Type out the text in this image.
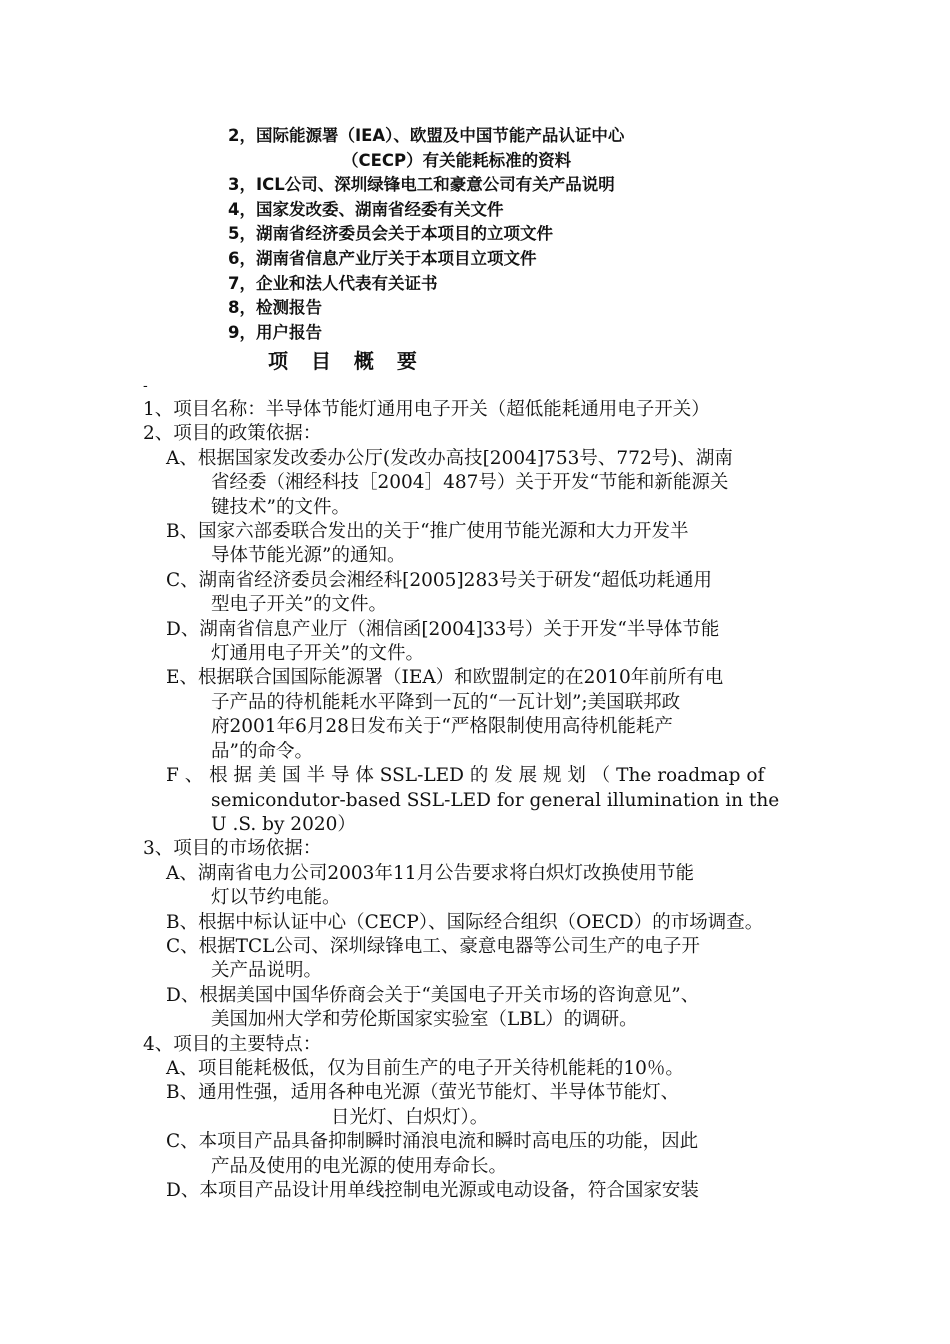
2，国际能源署（IEA）、欧盟及中国节能产品认证中心
（CECP）有关能耗标准的资料
3，ICL公司、深圳绿锋电工和豪意公司有关产品说明
4，国家发改委、湖南省经委有关文件
5，湖南省经济委员会关于本项目的立项文件
6，湖南省信息产业厅关于本项目立项文件
7，企业和法人代表有关证书
8，检测报告
9，用户报告
项 目 概 要
-
1、项目名称：半导体节能灯通用电子开关（超低能耗通用电子开关）
2、项目的政策依据：
A、根据国家发改委办公厅(发改办高技[2004]753号、772号)、湖南
省经委（湘经科技［2004］487号）关于开发“节能和新能源关
键技术”的文件。
B、国家六部委联合发出的关于“推广使用节能光源和大力开发半
导体节能光源”的通知。
C、湖南省经济委员会湘经科[2005]283号关于研发“超低功耗通用
型电子开关”的文件。
D、湖南省信息产业厅（湘信函[2004]33号）关于开发“半导体节能
灯通用电子开关”的文件。
E、根据联合国国际能源署（IEA）和欧盟制定的在2010年前所有电
子产品的待机能耗水平降到一瓦的“一瓦计划”;美国联邦政
府2001年6月28日发布关于“严格限制使用高待机能耗产
品”的命令。
F 、 根 据 美 国 半 导 体 SSL-LED 的 发 展 规 划 （ The roadmap of
semicondutor-based SSL-LED for general illumination in the
U .S. by 2020）
3、项目的市场依据：
A、湖南省电力公司2003年11月公告要求将白炽灯改换使用节能
灯以节约电能。
B、根据中标认证中心（CECP）、国际经合组织（OECD）的市场调查。
C、根据TCL公司、深圳绿锋电工、豪意电器等公司生产的电子开
关产品说明。
D、根据美国中国华侨商会关于“美国电子开关市场的咨询意见”、
美国加州大学和劳伦斯国家实验室（LBL）的调研。
4、项目的主要特点：
A、项目能耗极低，仅为目前生产的电子开关待机能耗的10％。
B、通用性强，适用各种电光源（萤光节能灯、半导体节能灯、
日光灯、白炽灯）。
C、本项目产品具备抑制瞬时涌浪电流和瞬时高电压的功能，因此
产品及使用的电光源的使用寿命长。
D、本项目产品设计用单线控制电光源或电动设备，符合国家安装
